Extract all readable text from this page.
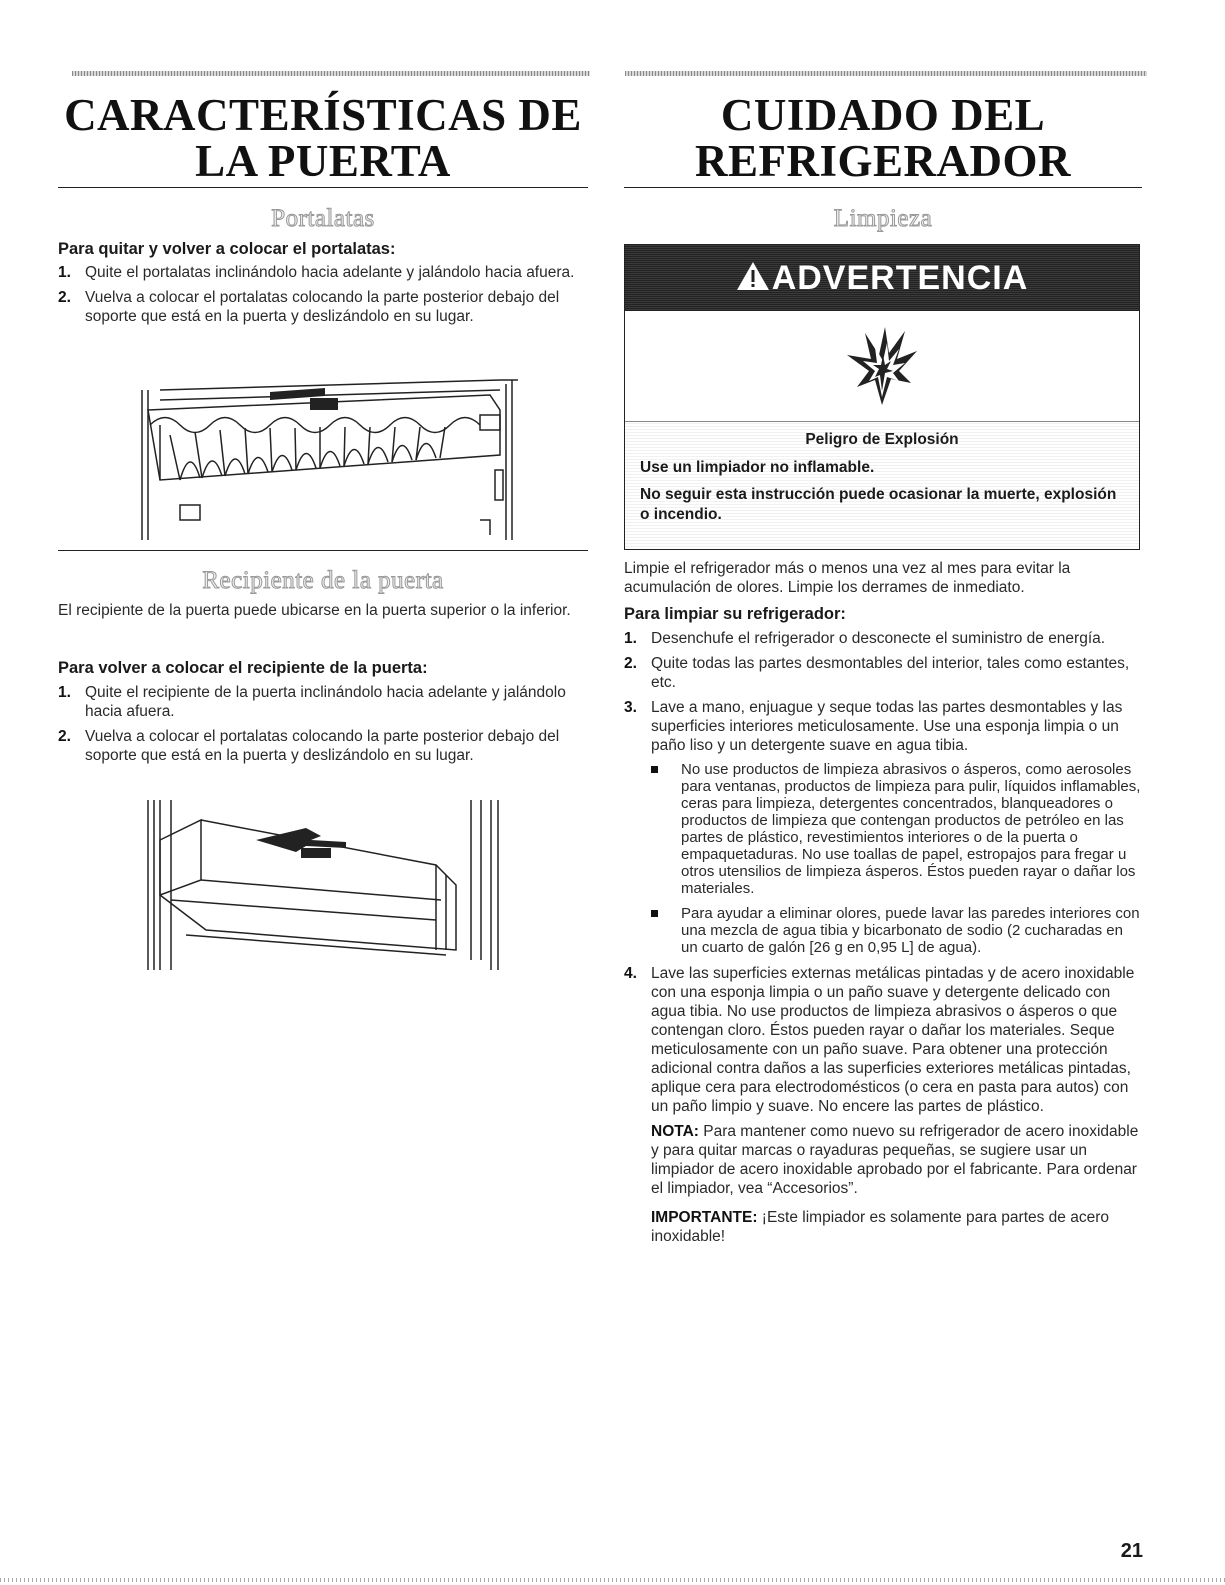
CARACTERÍSTICAS DE
LA PUERTA
Portalatas
Para quitar y volver a colocar el portalatas:
1. Quite el portalatas inclinándolo hacia adelante y jalándolo hacia afuera.
2. Vuelva a colocar el portalatas colocando la parte posterior debajo del soporte que está en la puerta y deslizándolo en su lugar.
Recipiente de la puerta

El recipiente de la puerta puede ubicarse en la puerta superior o la inferior.

Para volver a colocar el recipiente de la puerta:
1. Quite el recipiente de la puerta inclinándolo hacia adelante y jalándolo hacia afuera.
2. Vuelva a colocar el portalatas colocando la parte posterior debajo del soporte que está en la puerta y deslizándolo en su lugar.
CUIDADO DEL
REFRIGERADOR
Limpieza
ADVERTENCIA
Peligro de Explosión
Use un limpiador no inflamable.
No seguir esta instrucción puede ocasionar la muerte, explosión o incendio.

Limpie el refrigerador más o menos una vez al mes para evitar la acumulación de olores. Limpie los derrames de inmediato.

Para limpiar su refrigerador:
1. Desenchufe el refrigerador o desconecte el suministro de energía.
2. Quite todas las partes desmontables del interior, tales como estantes, etc.
3. Lave a mano, enjuague y seque todas las partes desmontables y las superficies interiores meticulosamente. Use una esponja limpia o un paño liso y un detergente suave en agua tibia.
No use productos de limpieza abrasivos o ásperos, como aerosoles para ventanas, productos de limpieza para pulir, líquidos inflamables, ceras para limpieza, detergentes concentrados, blanqueadores o productos de limpieza que contengan productos de petróleo en las partes de plástico, revestimientos interiores o de la puerta o empaquetaduras. No use toallas de papel, estropajos para fregar u otros utensilios de limpieza ásperos. Éstos pueden rayar o dañar los materiales.
Para ayudar a eliminar olores, puede lavar las paredes interiores con una mezcla de agua tibia y bicarbonato de sodio (2 cucharadas en un cuarto de galón [26 g en 0,95 L] de agua).
4. Lave las superficies externas metálicas pintadas y de acero inoxidable con una esponja limpia o un paño suave y detergente delicado con agua tibia. No use productos de limpieza abrasivos o ásperos o que contengan cloro. Éstos pueden rayar o dañar los materiales. Seque meticulosamente con un paño suave. Para obtener una protección adicional contra daños a las superficies exteriores metálicas pintadas, aplique cera para electrodomésticos (o cera en pasta para autos) con un paño limpio y suave. No encere las partes de plástico.
NOTA: Para mantener como nuevo su refrigerador de acero inoxidable y para quitar marcas o rayaduras pequeñas, se sugiere usar un limpiador de acero inoxidable aprobado por el fabricante. Para ordenar el limpiador, vea “Accesorios”.
IMPORTANTE: ¡Este limpiador es solamente para partes de acero inoxidable!
21
